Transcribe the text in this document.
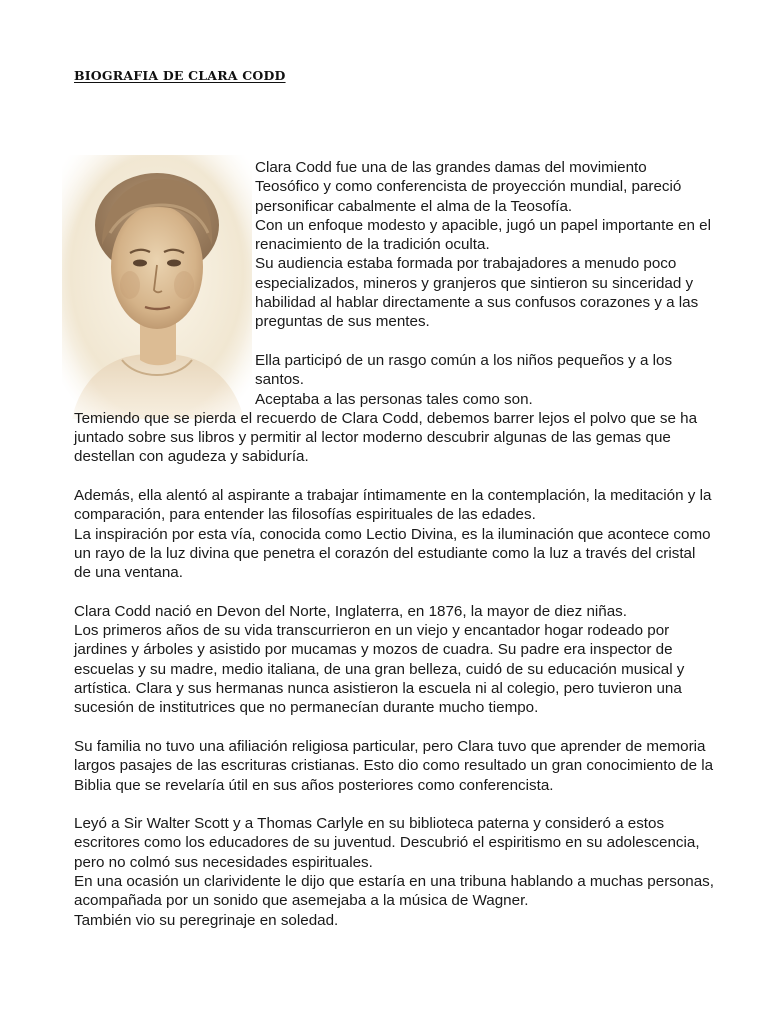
BIOGRAFIA DE CLARA CODD

Clara Codd fue una de las grandes damas del movimiento Teosófico y como conferencista de proyección mundial, pareció personificar cabalmente el alma de la Teosofía.
Con un enfoque modesto y apacible, jugó un papel importante en el renacimiento de la tradición oculta.
Su audiencia estaba formada por trabajadores a menudo poco especializados, mineros y granjeros que sintieron su sinceridad y habilidad al hablar directamente a sus confusos corazones y a las preguntas de sus mentes.

Ella participó de un rasgo común a los niños pequeños y a los santos.
Aceptaba a las personas tales como son.
Temiendo que se pierda el recuerdo de Clara Codd, debemos barrer lejos el polvo que se ha juntado sobre sus libros y permitir al lector moderno descubrir algunas de las gemas que destellan con agudeza y sabiduría.

Además, ella alentó al aspirante a trabajar íntimamente en la contemplación, la meditación y la comparación, para entender las filosofías espirituales de las edades.
La inspiración por esta vía, conocida como Lectio Divina, es la iluminación que acontece como un rayo de la luz divina que penetra el corazón del estudiante como la luz a través del cristal de una ventana.

Clara Codd nació en Devon del Norte, Inglaterra, en 1876, la mayor de diez niñas.
Los primeros años de su vida transcurrieron en un viejo y encantador hogar rodeado por jardines y árboles y asistido por mucamas y mozos de cuadra. Su padre era inspector de escuelas y su madre, medio italiana, de una gran belleza, cuidó de su educación musical y artística. Clara y sus hermanas nunca asistieron la escuela ni al colegio, pero tuvieron una sucesión de institutrices que no permanecían durante mucho tiempo.

Su familia no tuvo una afiliación religiosa particular, pero Clara tuvo que aprender de memoria largos pasajes de las escrituras cristianas. Esto dio como resultado un gran conocimiento de la Biblia que se revelaría útil en sus años posteriores como conferencista.

Leyó a Sir Walter Scott y a Thomas Carlyle en su biblioteca paterna y consideró a estos escritores como los educadores de su juventud. Descubrió el espiritismo en su adolescencia, pero no colmó sus necesidades espirituales.
En una ocasión un clarividente le dijo que estaría en una tribuna hablando a muchas personas, acompañada por un sonido que asemejaba a la música de Wagner.
También vio su peregrinaje en soledad.
